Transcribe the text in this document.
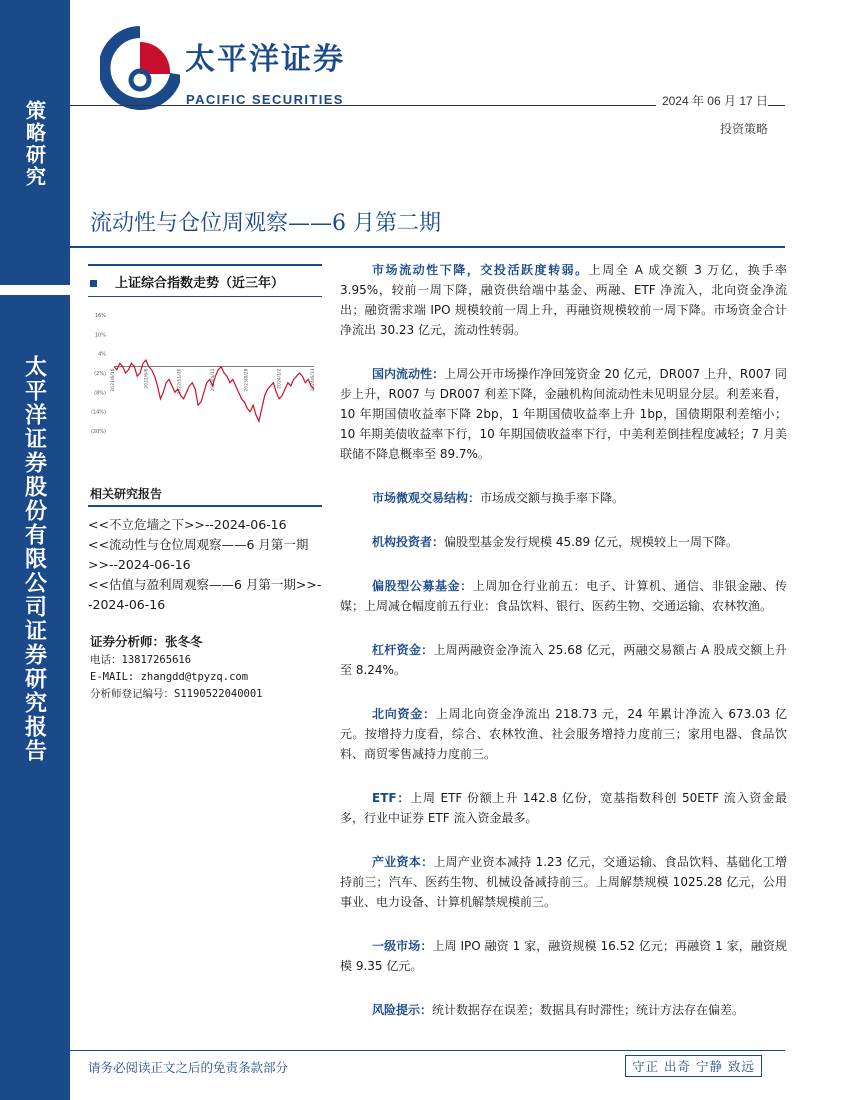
策略研究
太平洋证券股份有限公司证券研究报告
太平洋证券
PACIFIC SECURITIES	2024 年 06 月 17 日
投资策略
流动性与仓位周观察——6 月第二期
上证综合指数走势（近三年）
16%
4%
(8%)
(20%)
10%
(2%)
(14%)
2021/6/16	2022/6/6	2022/11/20	2023/4/11	2023/8/28	2024/1/2	2024/6/13
相关研究报告
<<不立危墙之下>>--2024-06-16
<<流动性与仓位周观察——6 月第一期>>--2024-06-16
<<估值与盈利周观察——6 月第一期>>--2024-06-16
证券分析师：张冬冬
电话：13817265616
E-MAIL: zhangdd@tpyzq.com
分析师登记编号：S1190522040001

市场流动性下降，交投活跃度转弱。上周全 A 成交额 3 万亿，换手率 3.95%，较前一周下降，融资供给端中基金、两融、ETF 净流入，北向资金净流出；融资需求端 IPO 规模较前一周上升，再融资规模较前一周下降。市场资金合计净流出 30.23 亿元，流动性转弱。

国内流动性：上周公开市场操作净回笼资金 20 亿元，DR007 上升，R007 同步上升，R007 与 DR007 利差下降，金融机构间流动性未见明显分层。利差来看，10 年期国债收益率下降 2bp，1 年期国债收益率上升 1bp，国债期限利差缩小；10 年期美债收益率下行，10 年期国债收益率下行，中美利差倒挂程度减轻；7 月美联储不降息概率至 89.7%。

市场微观交易结构：市场成交额与换手率下降。

机构投资者：偏股型基金发行规模 45.89 亿元，规模较上一周下降。

偏股型公募基金：上周加仓行业前五：电子、计算机、通信、非银金融、传媒；上周减仓幅度前五行业：食品饮料、银行、医药生物、交通运输、农林牧渔。

杠杆资金：上周两融资金净流入 25.68 亿元，两融交易额占 A 股成交额上升至 8.24%。

北向资金：上周北向资金净流出 218.73 元，24 年累计净流入 673.03 亿元。按增持力度看，综合、农林牧渔、社会服务增持力度前三；家用电器、食品饮料、商贸零售减持力度前三。

ETF：上周 ETF 份额上升 142.8 亿份，宽基指数科创 50ETF 流入资金最多，行业中证券 ETF 流入资金最多。

产业资本：上周产业资本减持 1.23 亿元，交通运输、食品饮料、基础化工增持前三；汽车、医药生物、机械设备减持前三。上周解禁规模 1025.28 亿元，公用事业、电力设备、计算机解禁规模前三。

一级市场：上周 IPO 融资 1 家，融资规模 16.52 亿元；再融资 1 家，融资规模 9.35 亿元。

风险提示：统计数据存在误差；数据具有时滞性；统计方法存在偏差。

请务必阅读正文之后的免责条款部分	守正 出奇 宁静 致远
